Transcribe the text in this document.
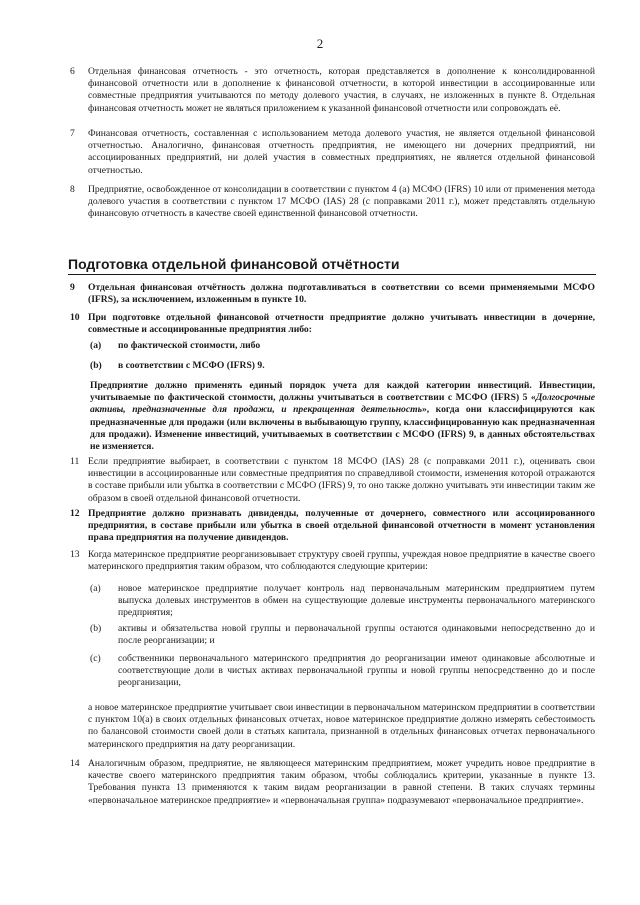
2
6	Отдельная финансовая отчетность - это отчетность, которая представляется в дополнение к консолидированной финансовой отчетности или в дополнение к финансовой отчетности, в которой инвестиции в ассоциированные или совместные предприятия учитываются по методу долевого участия, в случаях, не изложенных в пункте 8. Отдельная финансовая отчетность может не являться приложением к указанной финансовой отчетности или сопровождать её.
7	Финансовая отчетность, составленная с использованием метода долевого участия, не является отдельной финансовой отчетностью. Аналогично, финансовая отчетность предприятия, не имеющего ни дочерних предприятий, ни ассоциированных предприятий, ни долей участия в совместных предприятиях, не является отдельной финансовой отчетностью.
8	Предприятие, освобожденное от консолидации в соответствии с пунктом 4 (а) МСФО (IFRS) 10 или от применения метода долевого участия в соответствии с пунктом 17 МСФО (IAS) 28 (с поправками 2011 г.), может представлять отдельную финансовую отчетность в качестве своей единственной финансовой отчетности.
Подготовка отдельной финансовой отчётности
9	Отдельная финансовая отчётность должна подготавливаться в соответствии со всеми применяемыми МСФО (IFRS), за исключением, изложенным в пункте 10.
10 При подготовке отдельной финансовой отчетности предприятие должно учитывать инвестиции в дочерние, совместные и ассоциированные предприятия либо:
(a)	по фактической стоимости, либо
(b)	в соответствии с МСФО (IFRS) 9.
Предприятие должно применять единый порядок учета для каждой категории инвестиций. Инвестиции, учитываемые по фактической стоимости, должны учитываться в соответствии с МСФО (IFRS) 5 «Долгосрочные активы, предназначенные для продажи, и прекращенная деятельность», когда они классифицируются как предназначенные для продажи (или включены в выбывающую группу, классифицированную как предназначенная для продажи). Изменение инвестиций, учитываемых в соответствии с МСФО (IFRS) 9, в данных обстоятельствах не изменяется.
11 Если предприятие выбирает, в соответствии с пунктом 18 МСФО (IAS) 28 (с поправками 2011 г.), оценивать свои инвестиции в ассоциированные или совместные предприятия по справедливой стоимости, изменения которой отражаются в составе прибыли или убытка в соответствии с МСФО (IFRS) 9, то оно также должно учитывать эти инвестиции таким же образом в своей отдельной финансовой отчетности.
12 Предприятие должно признавать дивиденды, полученные от дочернего, совместного или ассоциированного предприятия, в составе прибыли или убытка в своей отдельной финансовой отчетности в момент установления права предприятия на получение дивидендов.
13 Когда материнское предприятие реорганизовывает структуру своей группы, учреждая новое предприятие в качестве своего материнского предприятия таким образом, что соблюдаются следующие критерии:
(a)	новое материнское предприятие получает контроль над первоначальным материнским предприятием путем выпуска долевых инструментов в обмен на существующие долевые инструменты первоначального материнского предприятия;
(b)	активы и обязательства новой группы и первоначальной группы остаются одинаковыми непосредственно до и после реорганизации; и
(c)	собственники первоначального материнского предприятия до реорганизации имеют одинаковые абсолютные и соответствующие доли в чистых активах первоначальной группы и новой группы непосредственно до и после реорганизации,
а новое материнское предприятие учитывает свои инвестиции в первоначальном материнском предприятии в соответствии с пунктом 10(a) в своих отдельных финансовых отчетах, новое материнское предприятие должно измерять себестоимость по балансовой стоимости своей доли в статьях капитала, признанной в отдельных финансовых отчетах первоначального материнского предприятия на дату реорганизации.
14 Аналогичным образом, предприятие, не являющееся материнским предприятием, может учредить новое предприятие в качестве своего материнского предприятия таким образом, чтобы соблюдались критерии, указанные в пункте 13. Требования пункта 13 применяются к таким видам реорганизации в равной степени. В таких случаях термины «первоначальное материнское предприятие» и «первоначальная группа» подразумевают «первоначальное предприятие».
